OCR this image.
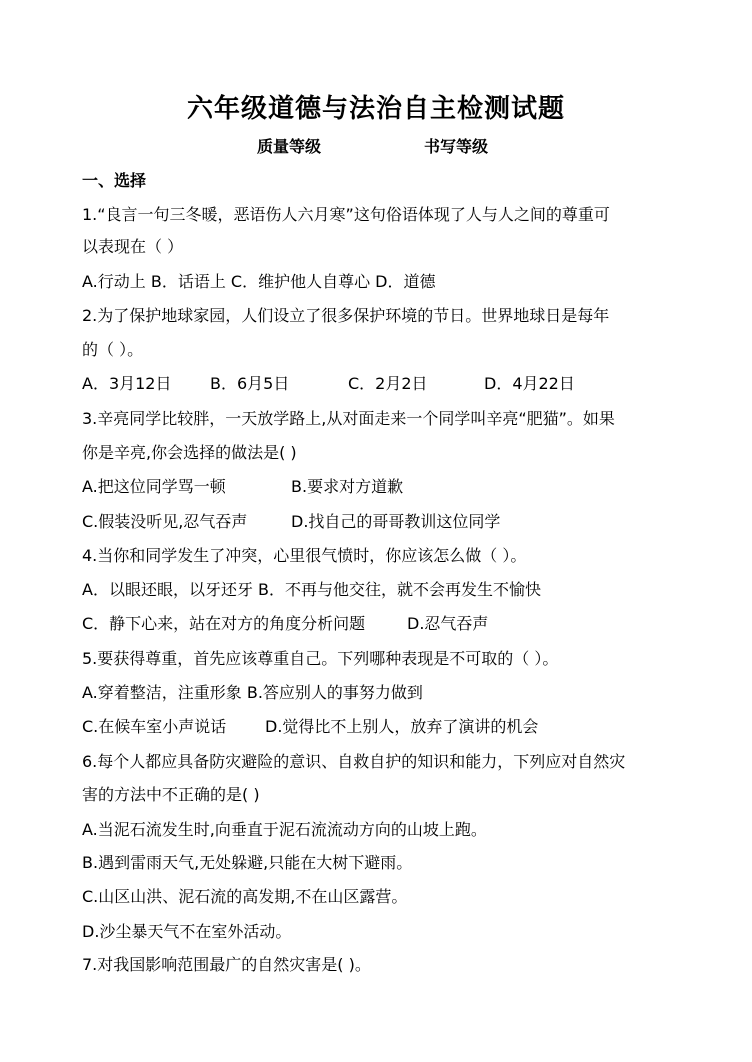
六年级道德与法治自主检测试题
质量等级	书写等级
一、选择
1.“良言一句三冬暖，恶语伤人六月寒”这句俗语体现了人与人之间的尊重可
以表现在（ ）
A.行动上 B．话语上 C．维护他人自尊心 D．道德
2.为了保护地球家园，人们设立了很多保护环境的节日。世界地球日是每年
的（ ）。
A．3月12日 B．6月5日	C．2月2日	D．4月22日
3.辛亮同学比较胖，一天放学路上,从对面走来一个同学叫辛亮“肥猫”。如果
你是辛亮,你会选择的做法是( )
A.把这位同学骂一顿	B.要求对方道歉
C.假装没听见,忍气吞声	D.找自己的哥哥教训这位同学
4.当你和同学发生了冲突，心里很气愤时，你应该怎么做（ ）。
A．以眼还眼，以牙还牙 B．不再与他交往，就不会再发生不愉快
C．静下心来，站在对方的角度分析问题	D.忍气吞声
5.要获得尊重，首先应该尊重自己。下列哪种表现是不可取的（ ）。
A.穿着整洁，注重形象 B.答应别人的事努力做到
C.在候车室小声说话 D.觉得比不上别人，放弃了演讲的机会
6.每个人都应具备防灾避险的意识、自救自护的知识和能力，下列应对自然灾
害的方法中不正确的是( )
A.当泥石流发生时,向垂直于泥石流流动方向的山坡上跑。
B.遇到雷雨天气,无处躲避,只能在大树下避雨。
C.山区山洪、泥石流的高发期,不在山区露营。
D.沙尘暴天气不在室外活动。
7.对我国影响范围最广的自然灾害是( )。
